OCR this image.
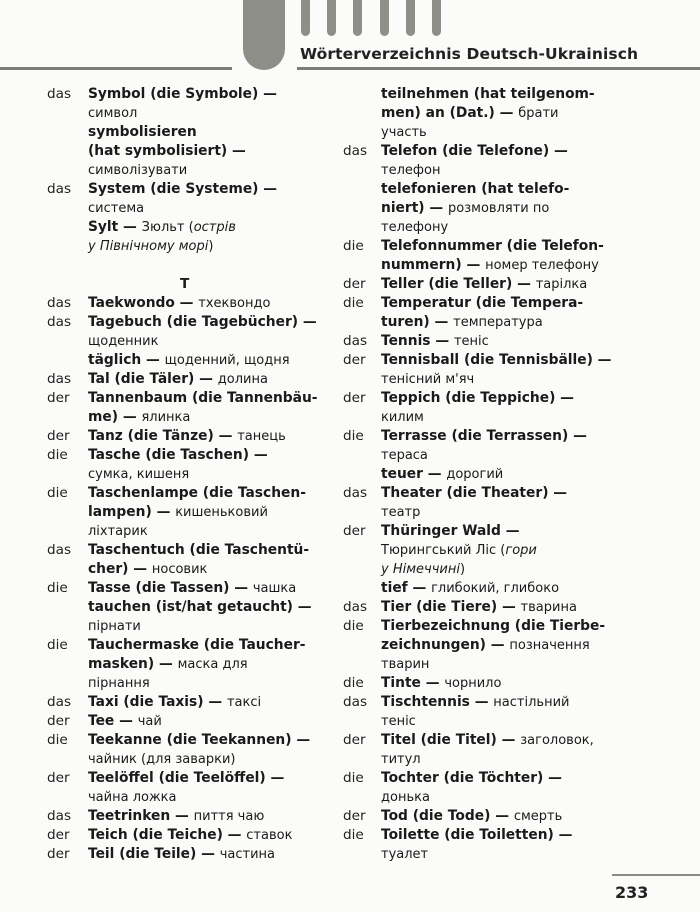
Wörterverzeichnis Deutsch-Ukrainisch
das Symbol (die Symbole) —
символ
symbolisieren
(hat symbolisiert) —
символізувати
das System (die Systeme) —
система
Sylt — Зюльт (острів
у Північному морі)
T
das Taekwondo — тхеквондо
das Tagebuch (die Tagebücher) —
щоденник
täglich — щоденний, щодня
das Tal (die Täler) — долина
der Tannenbaum (die Tannenbäu-
me) — ялинка
der Tanz (die Tänze) — танець
die Tasche (die Taschen) —
сумка, кишеня
die Taschenlampe (die Taschen-
lampen) — кишеньковий
ліхтарик
das Taschentuch (die Taschentü-
cher) — носовик
die Tasse (die Tassen) — чашка
tauchen (ist/hat getaucht) —
пірнати
die Tauchermaske (die Taucher-
masken) — маска для
пірнання
das Taxi (die Taxis) — таксі
der Tee — чай
die Teekanne (die Teekannen) —
чайник (для заварки)
der Teelöffel (die Teelöffel) —
чайна ложка
das Teetrinken — пиття чаю
der Teich (die Teiche) — ставок
der Teil (die Teile) — частина
teilnehmen (hat teilgenom-
men) an (Dat.) — брати
участь
das Telefon (die Telefone) —
телефон
telefonieren (hat telefo-
niert) — розмовляти по
телефону
die Telefonnummer (die Telefon-
nummern) — номер телефону
der Teller (die Teller) — тарілка
die Temperatur (die Tempera-
turen) — температура
das Tennis — теніс
der Tennisball (die Tennisbälle) —
тенісний м'яч
der Teppich (die Teppiche) —
килим
die Terrasse (die Terrassen) —
тераса
teuer — дорогий
das Theater (die Theater) —
театр
der Thüringer Wald —
Тюрингський Ліс (гори
у Німеччині)
tief — глибокий, глибоко
das Tier (die Tiere) — тварина
die Tierbezeichnung (die Tierbe-
zeichnungen) — позначення
тварин
die Tinte — чорнило
das Tischtennis — настільний
теніс
der Titel (die Titel) — заголовок,
титул
die Tochter (die Töchter) —
донька
der Tod (die Tode) — смерть
die Toilette (die Toiletten) —
туалет
233
